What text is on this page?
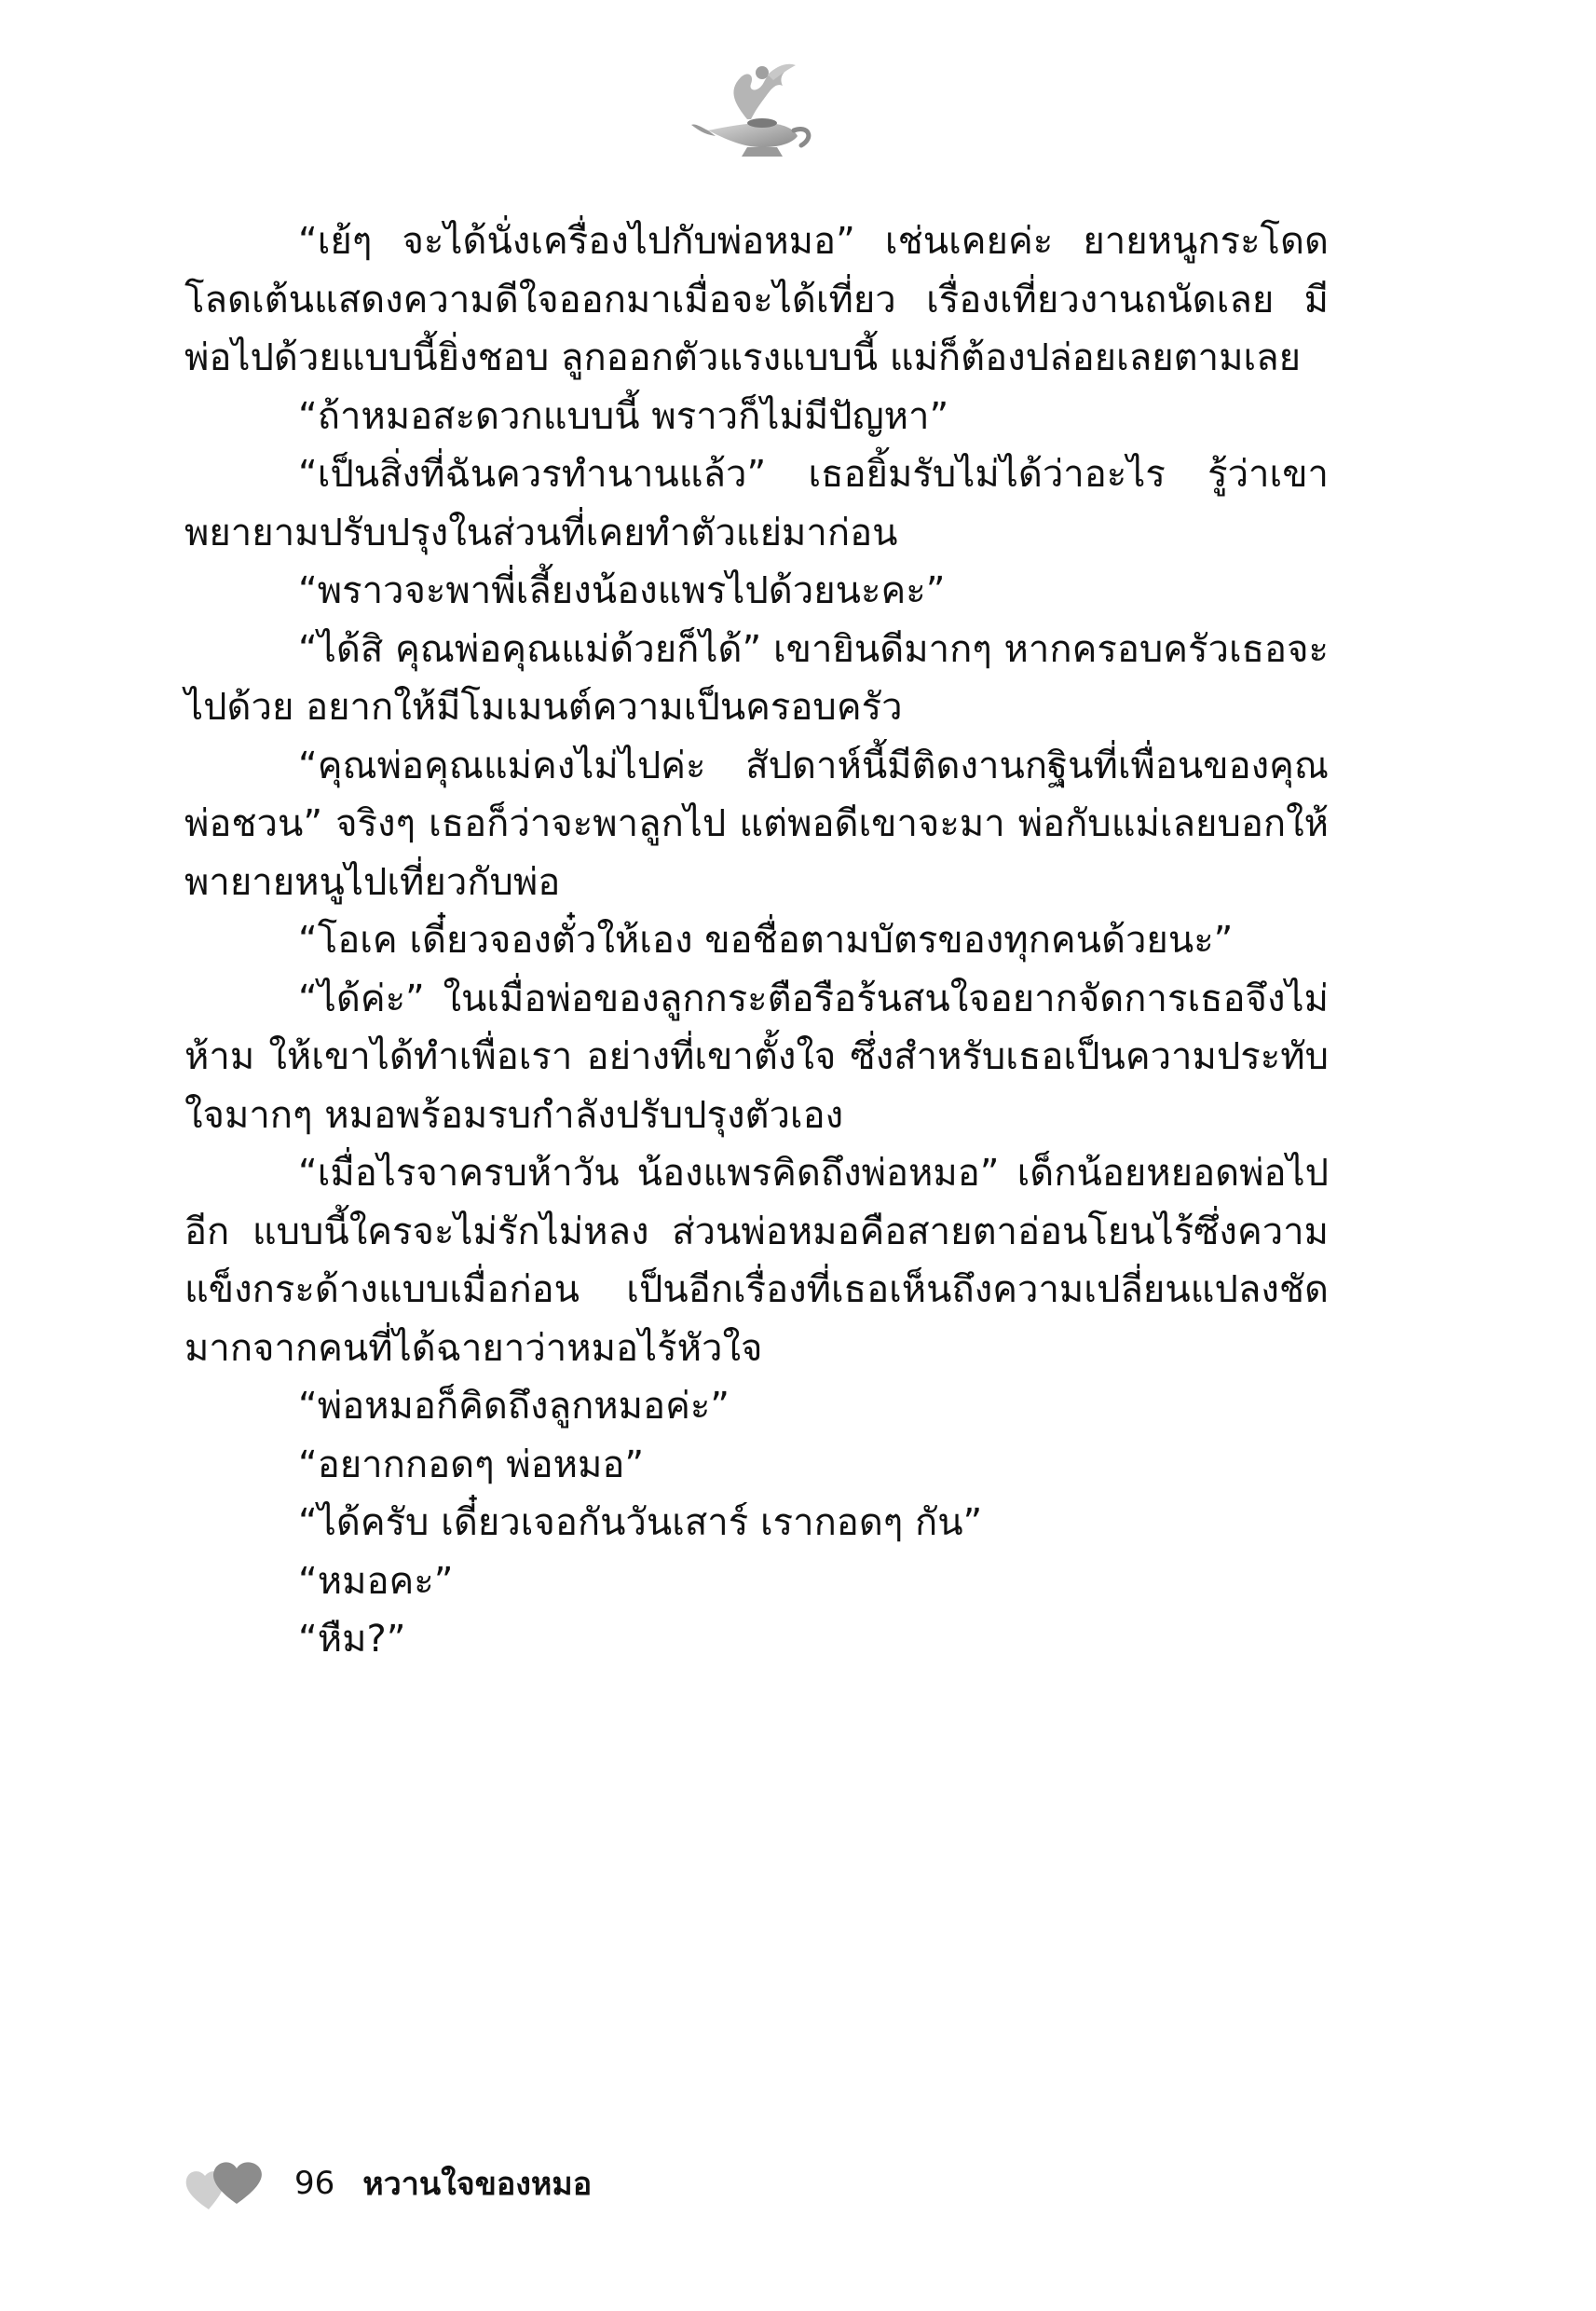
“เย้ๆ จะได้นั่งเครื่องไปกับพ่อหมอ” เช่นเคยค่ะ ยายหนูกระโดดโลดเต้นแสดงความดีใจออกมาเมื่อจะได้เที่ยว เรื่องเที่ยวงานถนัดเลย มีพ่อไปด้วยแบบนี้ยิ่งชอบ ลูกออกตัวแรงแบบนี้ แม่ก็ต้องปล่อยเลยตามเลย

“ถ้าหมอสะดวกแบบนี้ พราวก็ไม่มีปัญหา”

“เป็นสิ่งที่ฉันควรทำนานแล้ว” เธอยิ้มรับไม่ได้ว่าอะไร รู้ว่าเขาพยายามปรับปรุงในส่วนที่เคยทำตัวแย่มาก่อน

“พราวจะพาพี่เลี้ยงน้องแพรไปด้วยนะคะ”

“ได้สิ คุณพ่อคุณแม่ด้วยก็ได้” เขายินดีมากๆ หากครอบครัวเธอจะไปด้วย อยากให้มีโมเมนต์ความเป็นครอบครัว

“คุณพ่อคุณแม่คงไม่ไปค่ะ สัปดาห์นี้มีติดงานกฐินที่เพื่อนของคุณพ่อชวน” จริงๆ เธอก็ว่าจะพาลูกไป แต่พอดีเขาจะมา พ่อกับแม่เลยบอกให้พายายหนูไปเที่ยวกับพ่อ

“โอเค เดี๋ยวจองตั๋วให้เอง ขอชื่อตามบัตรของทุกคนด้วยนะ”

“ได้ค่ะ” ในเมื่อพ่อของลูกกระตือรือร้นสนใจอยากจัดการเธอจึงไม่ห้าม ให้เขาได้ทำเพื่อเรา อย่างที่เขาตั้งใจ ซึ่งสำหรับเธอเป็นความประทับใจมากๆ หมอพร้อมรบกำลังปรับปรุงตัวเอง

“เมื่อไรจาครบห้าวัน น้องแพรคิดถึงพ่อหมอ” เด็กน้อยหยอดพ่อไปอีก แบบนี้ใครจะไม่รักไม่หลง ส่วนพ่อหมอคือสายตาอ่อนโยนไร้ซึ่งความแข็งกระด้างแบบเมื่อก่อน เป็นอีกเรื่องที่เธอเห็นถึงความเปลี่ยนแปลงชัดมากจากคนที่ได้ฉายาว่าหมอไร้หัวใจ

“พ่อหมอก็คิดถึงลูกหมอค่ะ”

“อยากกอดๆ พ่อหมอ”

“ได้ครับ เดี๋ยวเจอกันวันเสาร์ เรากอดๆ กัน”

“หมอคะ”

“หืม?”

96 หวานใจของหมอ
